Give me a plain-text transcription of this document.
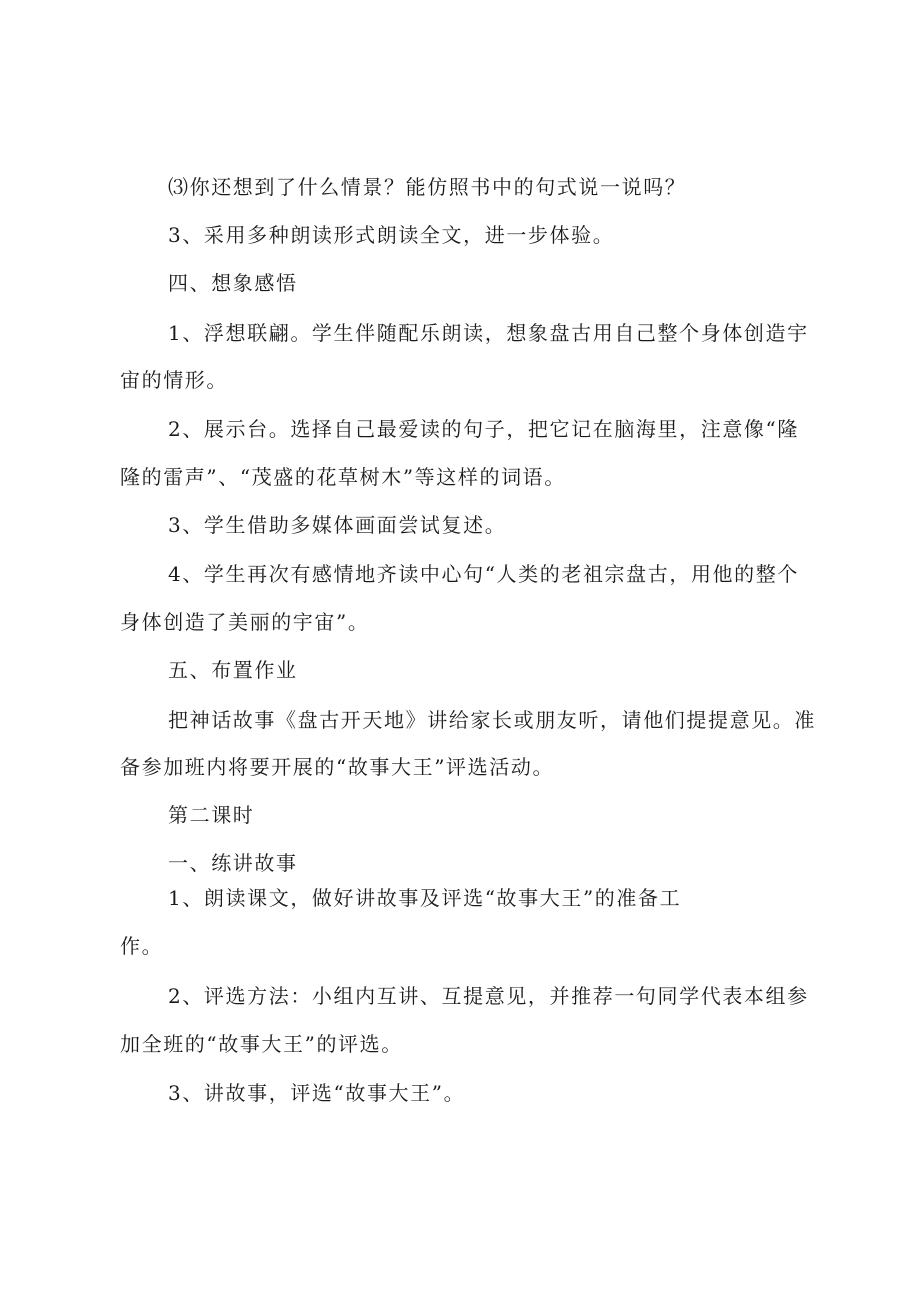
⑶你还想到了什么情景？能仿照书中的句式说一说吗？
3、采用多种朗读形式朗读全文，进一步体验。
四、想象感悟
1、浮想联翩。学生伴随配乐朗读，想象盘古用自己整个身体创造宇
宙的情形。
2、展示台。选择自己最爱读的句子，把它记在脑海里，注意像“隆
隆的雷声”、“茂盛的花草树木”等这样的词语。
3、学生借助多媒体画面尝试复述。
4、学生再次有感情地齐读中心句“人类的老祖宗盘古，用他的整个
身体创造了美丽的宇宙”。
五、布置作业
把神话故事《盘古开天地》讲给家长或朋友听，请他们提提意见。准
备参加班内将要开展的“故事大王”评选活动。
第二课时
一、练讲故事
1、朗读课文，做好讲故事及评选“故事大王”的准备工
作。
2、评选方法：小组内互讲、互提意见，并推荐一句同学代表本组参
加全班的“故事大王”的评选。
3、讲故事，评选“故事大王”。
